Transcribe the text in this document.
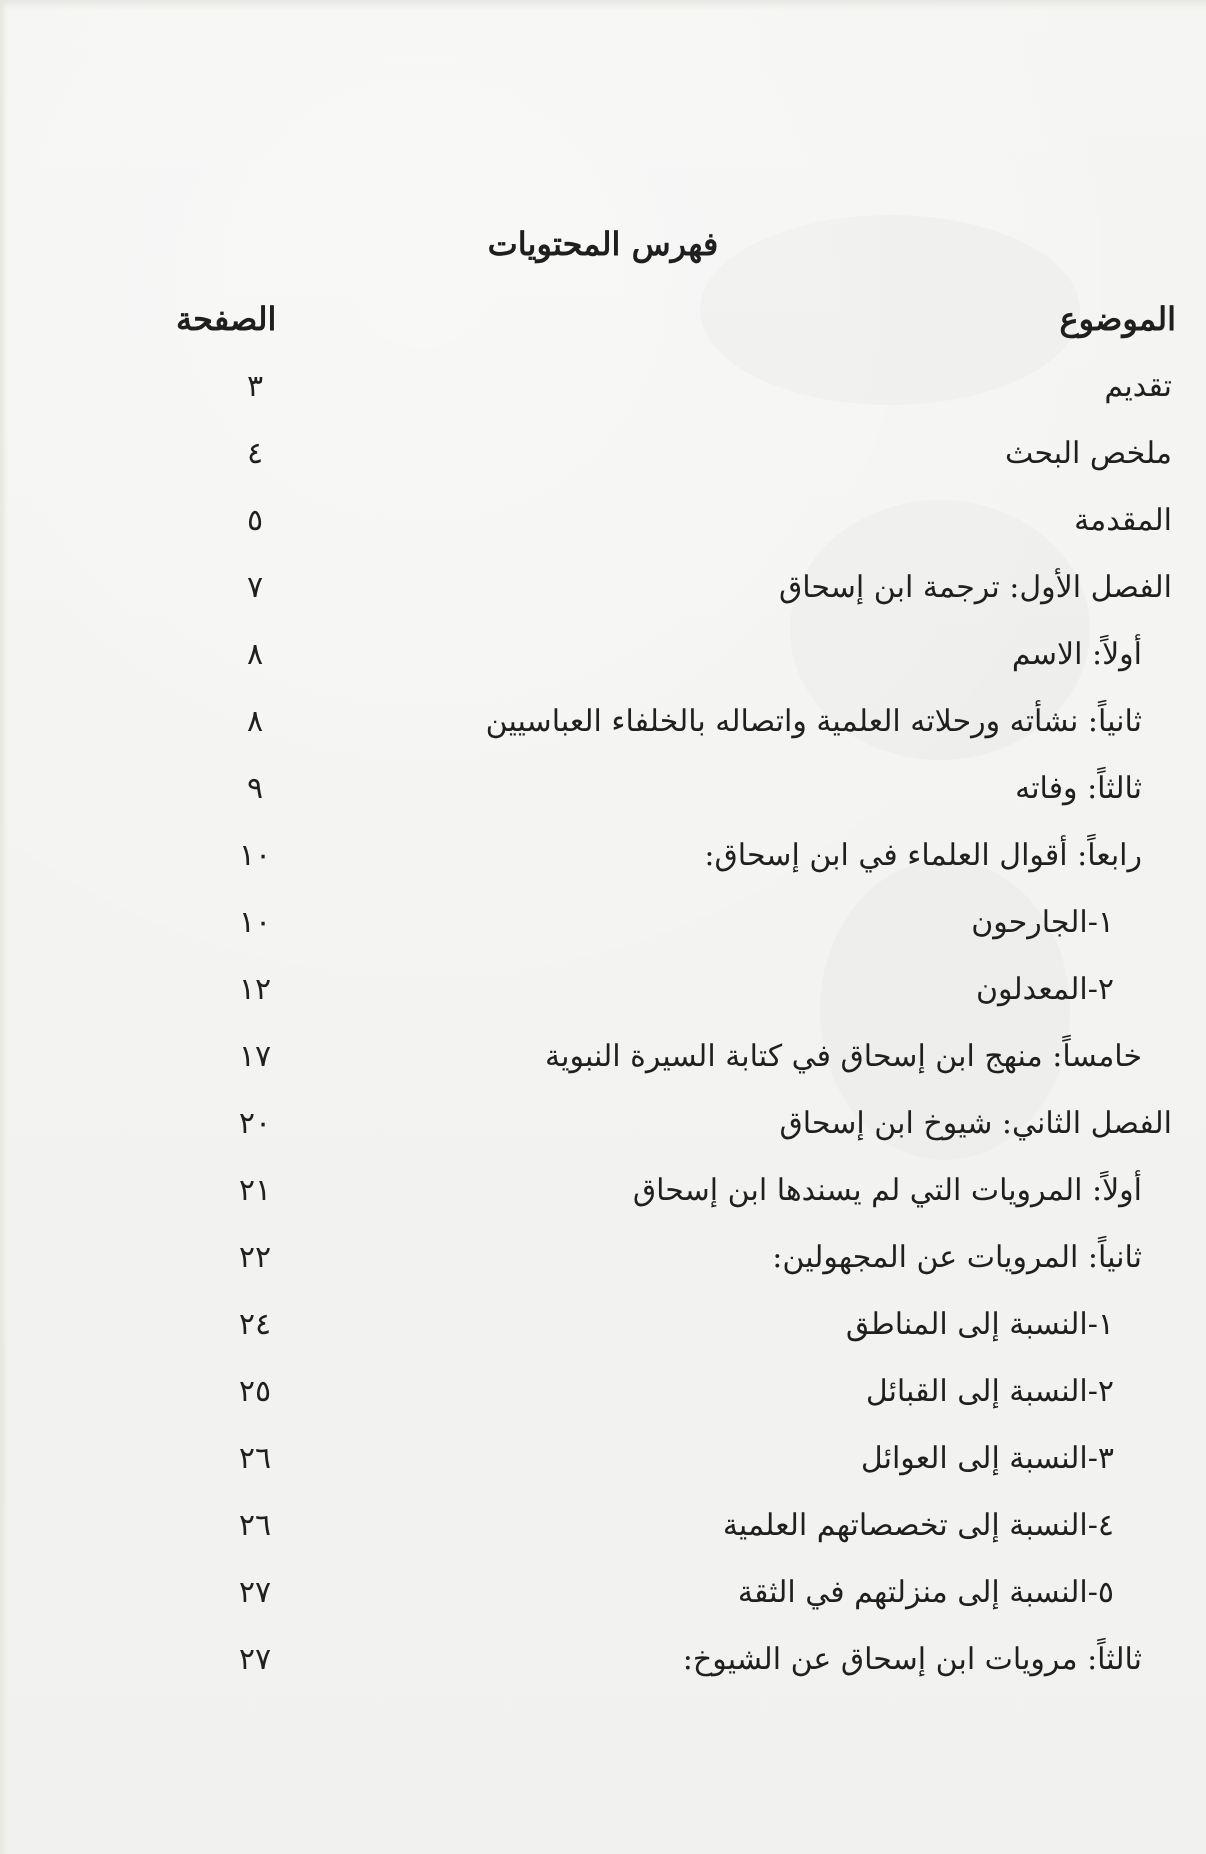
فهرس المحتويات
الموضوع
الصفحة
تقديم
٣
ملخص البحث
٤
المقدمة
٥
الفصل الأول: ترجمة ابن إسحاق
٧
أولاً: الاسم
٨
ثانياً: نشأته ورحلاته العلمية واتصاله بالخلفاء العباسيين
٨
ثالثاً: وفاته
٩
رابعاً: أقوال العلماء في ابن إسحاق:
١٠
١-الجارحون
١٠
٢-المعدلون
١٢
خامساً: منهج ابن إسحاق في كتابة السيرة النبوية
١٧
الفصل الثاني: شيوخ ابن إسحاق
٢٠
أولاً: المرويات التي لم يسندها ابن إسحاق
٢١
ثانياً: المرويات عن المجهولين:
٢٢
١-النسبة إلى المناطق
٢٤
٢-النسبة إلى القبائل
٢٥
٣-النسبة إلى العوائل
٢٦
٤-النسبة إلى تخصصاتهم العلمية
٢٦
٥-النسبة إلى منزلتهم في الثقة
٢٧
ثالثاً: مرويات ابن إسحاق عن الشيوخ:
٢٧
